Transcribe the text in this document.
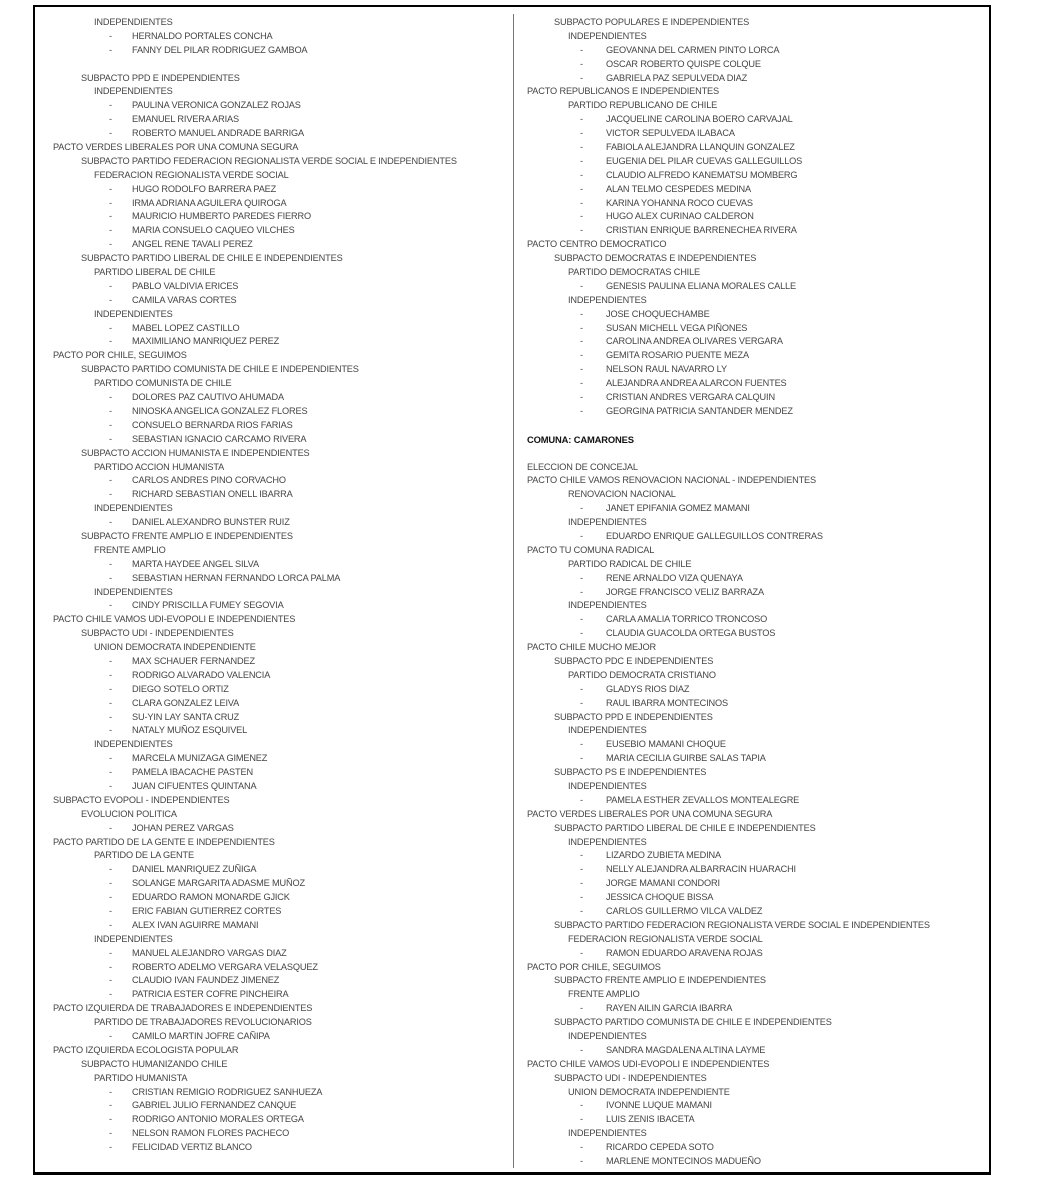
INDEPENDIENTES
- HERNALDO PORTALES CONCHA
- FANNY DEL PILAR RODRIGUEZ GAMBOA
SUBPACTO PPD E INDEPENDIENTES
INDEPENDIENTES
- PAULINA VERONICA GONZALEZ ROJAS
- EMANUEL RIVERA ARIAS
- ROBERTO MANUEL ANDRADE BARRIGA
PACTO VERDES LIBERALES POR UNA COMUNA SEGURA
SUBPACTO PARTIDO FEDERACION REGIONALISTA VERDE SOCIAL E INDEPENDIENTES
FEDERACION REGIONALISTA VERDE SOCIAL
- HUGO RODOLFO BARRERA PAEZ
- IRMA ADRIANA AGUILERA QUIROGA
- MAURICIO HUMBERTO PAREDES FIERRO
- MARIA CONSUELO CAQUEO VILCHES
- ANGEL RENE TAVALI PEREZ
SUBPACTO PARTIDO LIBERAL DE CHILE E INDEPENDIENTES
PARTIDO LIBERAL DE CHILE
- PABLO VALDIVIA ERICES
- CAMILA VARAS CORTES
INDEPENDIENTES
- MABEL LOPEZ CASTILLO
- MAXIMILIANO MANRIQUEZ PEREZ
PACTO POR CHILE, SEGUIMOS
SUBPACTO PARTIDO COMUNISTA DE CHILE E INDEPENDIENTES
PARTIDO COMUNISTA DE CHILE
- DOLORES PAZ CAUTIVO AHUMADA
- NINOSKA ANGELICA GONZALEZ FLORES
- CONSUELO BERNARDA RIOS FARIAS
- SEBASTIAN IGNACIO CARCAMO RIVERA
SUBPACTO ACCION HUMANISTA E INDEPENDIENTES
PARTIDO ACCION HUMANISTA
- CARLOS ANDRES PINO CORVACHO
- RICHARD SEBASTIAN ONELL IBARRA
INDEPENDIENTES
- DANIEL ALEXANDRO BUNSTER RUIZ
SUBPACTO FRENTE AMPLIO E INDEPENDIENTES
FRENTE AMPLIO
- MARTA HAYDEE ANGEL SILVA
- SEBASTIAN HERNAN FERNANDO LORCA PALMA
INDEPENDIENTES
- CINDY PRISCILLA FUMEY SEGOVIA
PACTO CHILE VAMOS UDI-EVOPOLI E INDEPENDIENTES
SUBPACTO UDI - INDEPENDIENTES
UNION DEMOCRATA INDEPENDIENTE
- MAX SCHAUER FERNANDEZ
- RODRIGO ALVARADO VALENCIA
- DIEGO SOTELO ORTIZ
- CLARA GONZALEZ LEIVA
- SU-YIN LAY SANTA CRUZ
- NATALY MUÑOZ ESQUIVEL
INDEPENDIENTES
- MARCELA MUNIZAGA GIMENEZ
- PAMELA IBACACHE PASTEN
- JUAN CIFUENTES QUINTANA
SUBPACTO EVOPOLI - INDEPENDIENTES
EVOLUCION POLITICA
- JOHAN PEREZ VARGAS
PACTO PARTIDO DE LA GENTE E INDEPENDIENTES
PARTIDO DE LA GENTE
- DANIEL MANRIQUEZ ZUÑIGA
- SOLANGE MARGARITA ADASME MUÑOZ
- EDUARDO RAMON MONARDE GJICK
- ERIC FABIAN GUTIERREZ CORTES
- ALEX IVAN AGUIRRE MAMANI
INDEPENDIENTES
- MANUEL ALEJANDRO VARGAS DIAZ
- ROBERTO ADELMO VERGARA VELASQUEZ
- CLAUDIO IVAN FAUNDEZ JIMENEZ
- PATRICIA ESTER COFRE PINCHEIRA
PACTO IZQUIERDA DE TRABAJADORES E INDEPENDIENTES
PARTIDO DE TRABAJADORES REVOLUCIONARIOS
- CAMILO MARTIN JOFRE CAÑIPA
PACTO IZQUIERDA ECOLOGISTA POPULAR
SUBPACTO HUMANIZANDO CHILE
PARTIDO HUMANISTA
- CRISTIAN REMIGIO RODRIGUEZ SANHUEZA
- GABRIEL JULIO FERNANDEZ CANQUE
- RODRIGO ANTONIO MORALES ORTEGA
- NELSON RAMON FLORES PACHECO
- FELICIDAD VERTIZ BLANCO
SUBPACTO POPULARES E INDEPENDIENTES
INDEPENDIENTES
-	GEOVANNA DEL CARMEN PINTO LORCA
-	OSCAR ROBERTO QUISPE COLQUE
-	GABRIELA PAZ SEPULVEDA DIAZ
PACTO REPUBLICANOS E INDEPENDIENTES
PARTIDO REPUBLICANO DE CHILE
-	JACQUELINE CAROLINA BOERO CARVAJAL
-	VICTOR SEPULVEDA ILABACA
-	FABIOLA ALEJANDRA LLANQUIN GONZALEZ
-	EUGENIA DEL PILAR CUEVAS GALLEGUILLOS
-	CLAUDIO ALFREDO KANEMATSU MOMBERG
-	ALAN TELMO CESPEDES MEDINA
-	KARINA YOHANNA ROCO CUEVAS
-	HUGO ALEX CURINAO CALDERON
-	CRISTIAN ENRIQUE BARRENECHEA RIVERA
PACTO CENTRO DEMOCRATICO
SUBPACTO DEMOCRATAS E INDEPENDIENTES
PARTIDO DEMOCRATAS CHILE
-	GENESIS PAULINA ELIANA MORALES CALLE
INDEPENDIENTES
-	JOSE CHOQUECHAMBE
-	SUSAN MICHELL VEGA PIÑONES
-	CAROLINA ANDREA OLIVARES VERGARA
-	GEMITA ROSARIO PUENTE MEZA
-	NELSON RAUL NAVARRO LY
-	ALEJANDRA ANDREA ALARCON FUENTES
-	CRISTIAN ANDRES VERGARA CALQUIN
-	GEORGINA PATRICIA SANTANDER MENDEZ
COMUNA: CAMARONES
ELECCION DE CONCEJAL
PACTO CHILE VAMOS RENOVACION NACIONAL - INDEPENDIENTES
RENOVACION NACIONAL
-	JANET EPIFANIA GOMEZ MAMANI
INDEPENDIENTES
-	EDUARDO ENRIQUE GALLEGUILLOS CONTRERAS
PACTO TU COMUNA RADICAL
PARTIDO RADICAL DE CHILE
-	RENE ARNALDO VIZA QUENAYA
-	JORGE FRANCISCO VELIZ BARRAZA
INDEPENDIENTES
-	CARLA AMALIA TORRICO TRONCOSO
-	CLAUDIA GUACOLDA ORTEGA BUSTOS
PACTO CHILE MUCHO MEJOR
SUBPACTO PDC E INDEPENDIENTES
PARTIDO DEMOCRATA CRISTIANO
-	GLADYS RIOS DIAZ
-	RAUL IBARRA MONTECINOS
SUBPACTO PPD E INDEPENDIENTES
INDEPENDIENTES
-	EUSEBIO MAMANI CHOQUE
-	MARIA CECILIA GUIRBE SALAS TAPIA
SUBPACTO PS E INDEPENDIENTES
INDEPENDIENTES
-	PAMELA ESTHER ZEVALLOS MONTEALEGRE
PACTO VERDES LIBERALES POR UNA COMUNA SEGURA
SUBPACTO PARTIDO LIBERAL DE CHILE E INDEPENDIENTES
INDEPENDIENTES
-	LIZARDO ZUBIETA MEDINA
-	NELLY ALEJANDRA ALBARRACIN HUARACHI
-	JORGE MAMANI CONDORI
-	JESSICA CHOQUE BISSA
-	CARLOS GUILLERMO VILCA VALDEZ
SUBPACTO PARTIDO FEDERACION REGIONALISTA VERDE SOCIAL E INDEPENDIENTES
FEDERACION REGIONALISTA VERDE SOCIAL
-	RAMON EDUARDO ARAVENA ROJAS
PACTO POR CHILE, SEGUIMOS
SUBPACTO FRENTE AMPLIO E INDEPENDIENTES
FRENTE AMPLIO
-	RAYEN AILIN GARCIA IBARRA
SUBPACTO PARTIDO COMUNISTA DE CHILE E INDEPENDIENTES
INDEPENDIENTES
-	SANDRA MAGDALENA ALTINA LAYME
PACTO CHILE VAMOS UDI-EVOPOLI E INDEPENDIENTES
SUBPACTO UDI - INDEPENDIENTES
UNION DEMOCRATA INDEPENDIENTE
-	IVONNE LUQUE MAMANI
-	LUIS ZENIS IBACETA
INDEPENDIENTES
-	RICARDO CEPEDA SOTO
-	MARLENE MONTECINOS MADUEÑO
